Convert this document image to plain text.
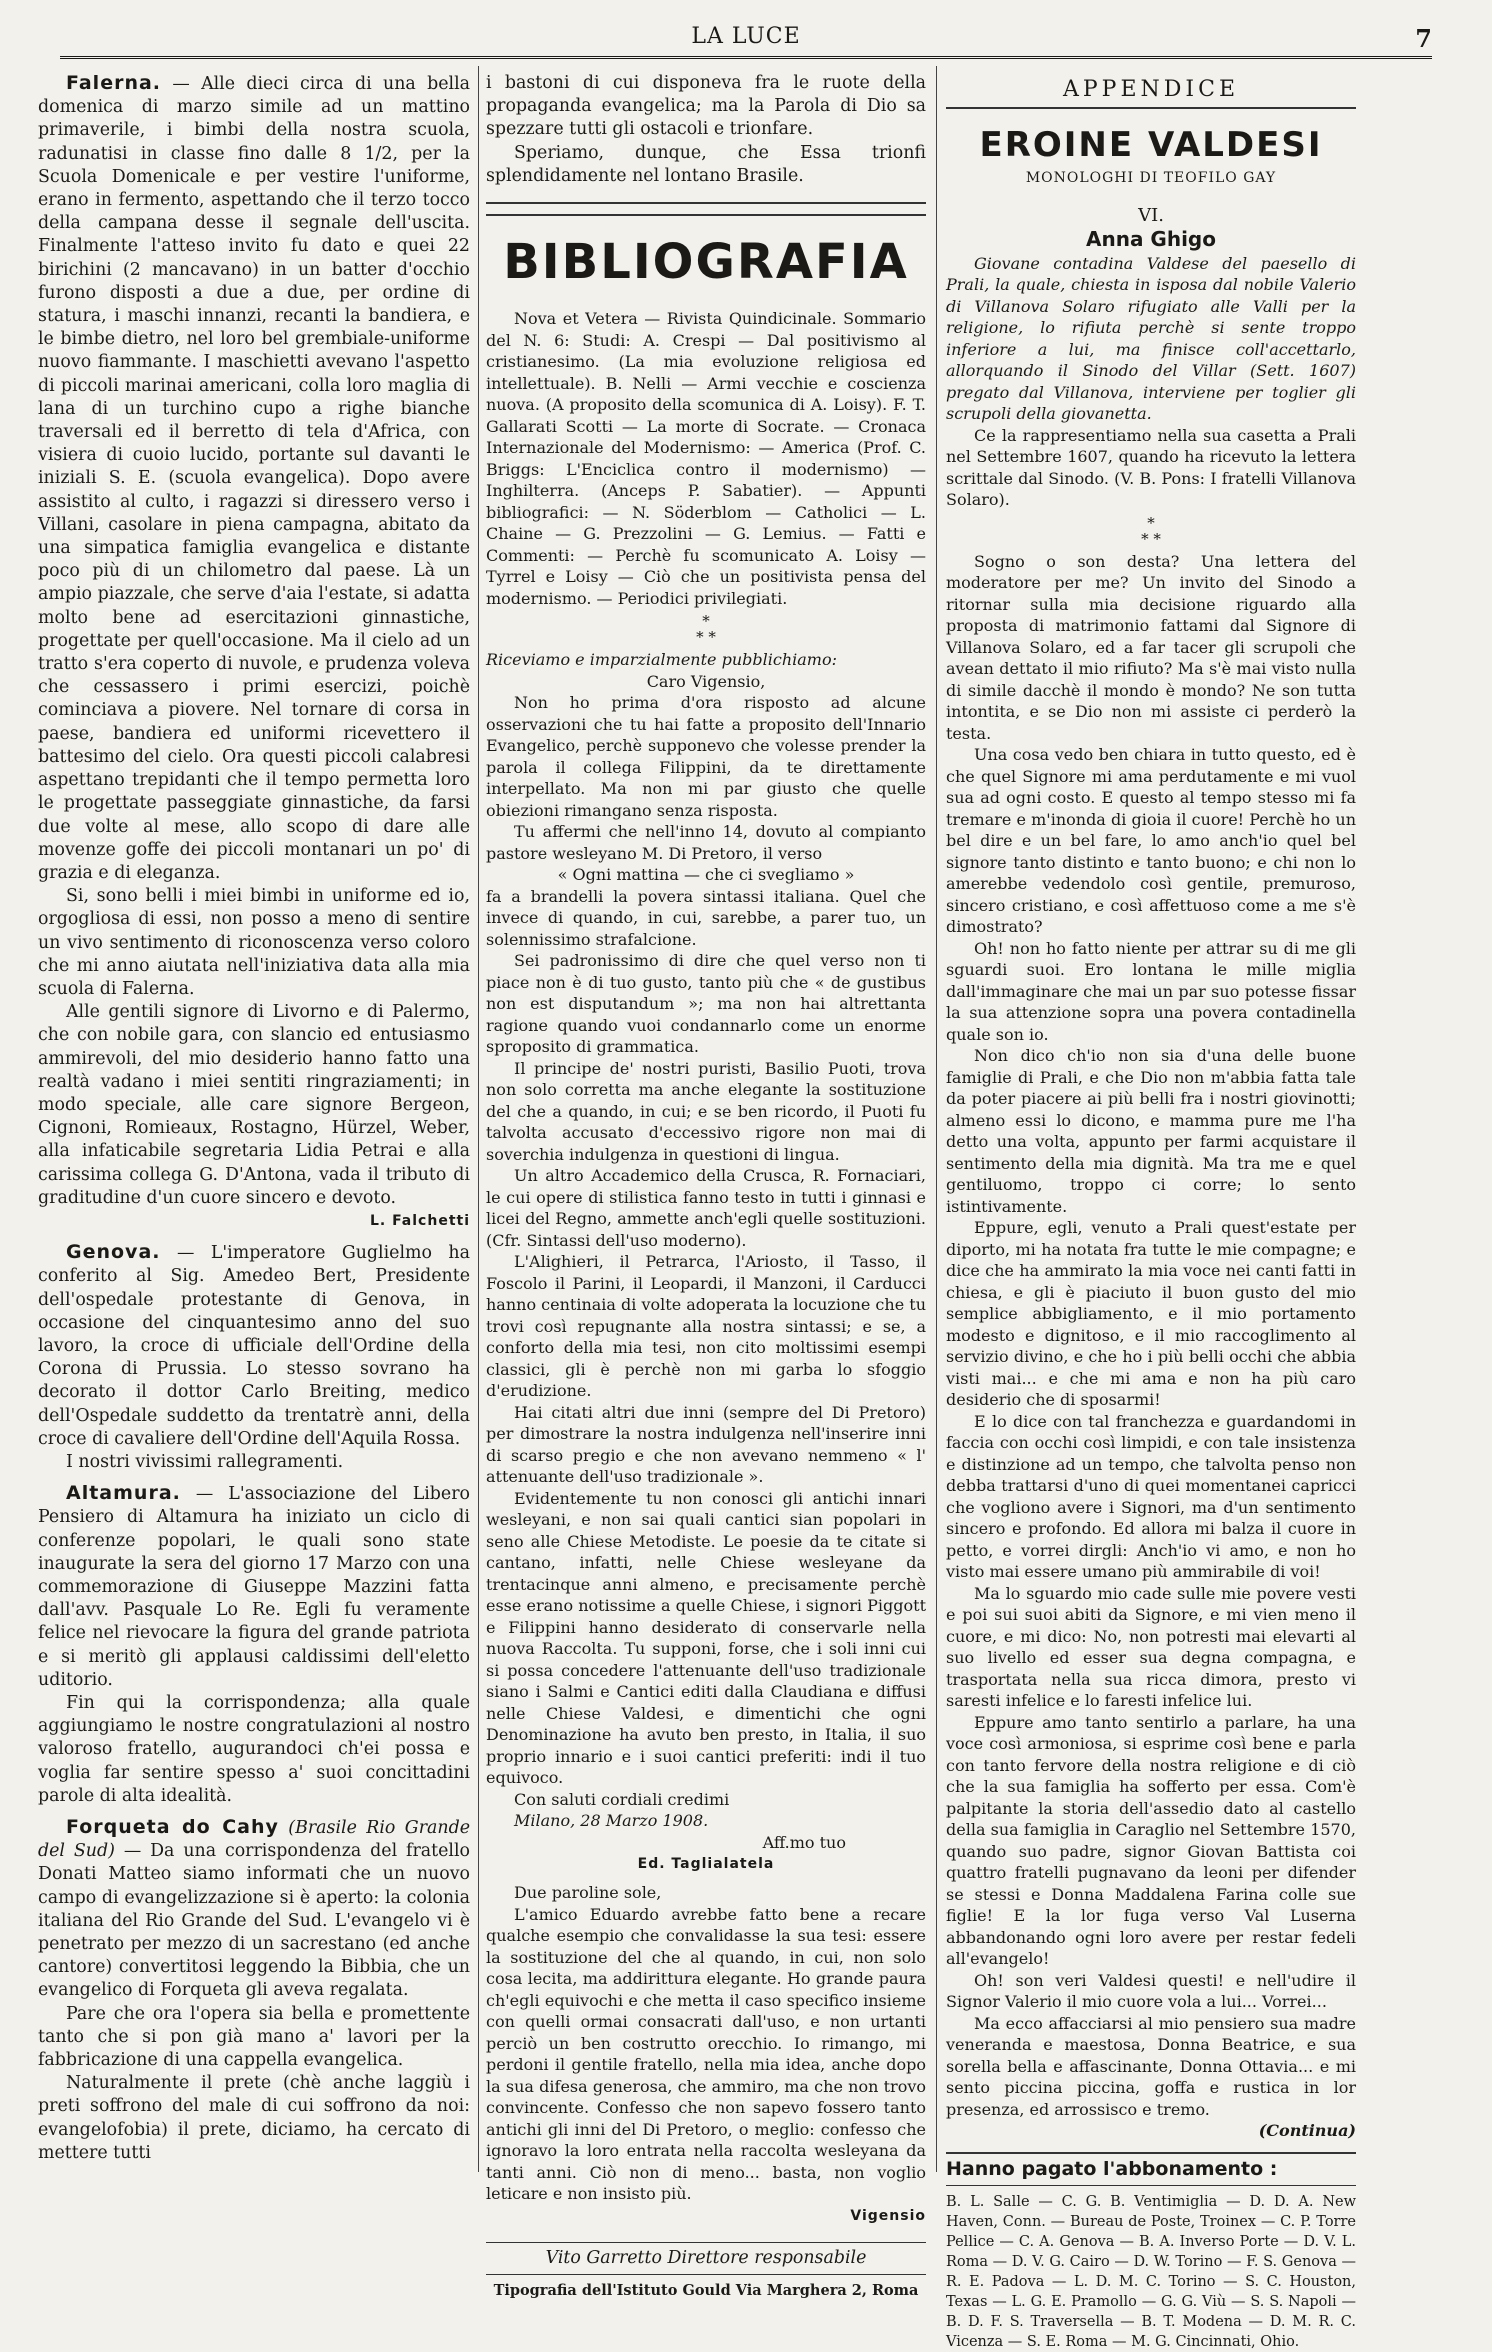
LA LUCE	7

Falerna. — Alle dieci circa di una bella domenica di marzo simile ad un mattino primaverile, i bimbi della nostra scuola, radunatisi in classe fino dalle 8 1/2, per la Scuola Domenicale e per vestire l'uniforme, erano in fermento, aspettando che il terzo tocco della campana desse il segnale dell'uscita. Finalmente l'atteso invito fu dato e quei 22 birichini (2 mancavano) in un batter d'occhio furono disposti a due a due, per ordine di statura, i maschi innanzi, recanti la bandiera, e le bimbe dietro, nel loro bel grembiale-uniforme nuovo fiammante. I maschietti avevano l'aspetto di piccoli marinai americani, colla loro maglia di lana di un turchino cupo a righe bianche traversali ed il berretto di tela d'Africa, con visiera di cuoio lucido, portante sul davanti le iniziali S. E. (scuola evangelica). Dopo avere assistito al culto, i ragazzi si diressero verso i Villani, casolare in piena campagna, abitato da una simpatica famiglia evangelica e distante poco più di un chilometro dal paese. Là un ampio piazzale, che serve d'aia l'estate, si adatta molto bene ad esercitazioni ginnastiche, progettate per quell'occasione. Ma il cielo ad un tratto s'era coperto di nuvole, e prudenza voleva che cessassero i primi esercizi, poichè cominciava a piovere. Nel tornare di corsa in paese, bandiera ed uniformi ricevettero il battesimo del cielo. Ora questi piccoli calabresi aspettano trepidanti che il tempo permetta loro le progettate passeggiate ginnastiche, da farsi due volte al mese, allo scopo di dare alle movenze goffe dei piccoli montanari un po' di grazia e di eleganza.

Si, sono belli i miei bimbi in uniforme ed io, orgogliosa di essi, non posso a meno di sentire un vivo sentimento di riconoscenza verso coloro che mi anno aiutata nell'iniziativa data alla mia scuola di Falerna.

Alle gentili signore di Livorno e di Palermo, che con nobile gara, con slancio ed entusiasmo ammirevoli, del mio desiderio hanno fatto una realtà vadano i miei sentiti ringraziamenti; in modo speciale, alle care signore Bergeon, Cignoni, Romieaux, Rostagno, Hürzel, Weber, alla infaticabile segretaria Lidia Petrai e alla carissima collega G. D'Antona, vada il tributo di graditudine d'un cuore sincero e devoto.

L. Falchetti

Genova. — L'imperatore Guglielmo ha conferito al Sig. Amedeo Bert, Presidente dell'ospedale protestante di Genova, in occasione del cinquantesimo anno del suo lavoro, la croce di ufficiale dell'Ordine della Corona di Prussia. Lo stesso sovrano ha decorato il dottor Carlo Breiting, medico dell'Ospedale suddetto da trentatrè anni, della croce di cavaliere dell'Ordine dell'Aquila Rossa.

I nostri vivissimi rallegramenti.

Altamura. — L'associazione del Libero Pensiero di Altamura ha iniziato un ciclo di conferenze popolari, le quali sono state inaugurate la sera del giorno 17 Marzo con una commemorazione di Giuseppe Mazzini fatta dall'avv. Pasquale Lo Re. Egli fu veramente felice nel rievocare la figura del grande patriota e si meritò gli applausi caldissimi dell'eletto uditorio.

Fin qui la corrispondenza; alla quale aggiungiamo le nostre congratulazioni al nostro valoroso fratello, augurandoci ch'ei possa e voglia far sentire spesso a' suoi concittadini parole di alta idealità.

Forqueta do Cahy (Brasile Rio Grande del Sud) — Da una corrispondenza del fratello Donati Matteo siamo informati che un nuovo campo di evangelizzazione si è aperto: la colonia italiana del Rio Grande del Sud. L'evangelo vi è penetrato per mezzo di un sacrestano (ed anche cantore) convertitosi leggendo la Bibbia, che un evangelico di Forqueta gli aveva regalata.

Pare che ora l'opera sia bella e promettente tanto che si pon già mano a' lavori per la fabbricazione di una cappella evangelica.

Naturalmente il prete (chè anche laggiù i preti soffrono del male di cui soffrono da noi: evangelofobia) il prete, diciamo, ha cercato di mettere tutti

i bastoni di cui disponeva fra le ruote della propaganda evangelica; ma la Parola di Dio sa spezzare tutti gli ostacoli e trionfare.

Speriamo, dunque, che Essa trionfi splendidamente nel lontano Brasile.

BIBLIOGRAFIA

Nova et Vetera — Rivista Quindicinale. Sommario del N. 6: Studi: A. Crespi — Dal positivismo al cristianesimo. (La mia evoluzione religiosa ed intellettuale). B. Nelli — Armi vecchie e coscienza nuova. (A proposito della scomunica di A. Loisy). F. T. Gallarati Scotti — La morte di Socrate. — Cronaca Internazionale del Modernismo: — America (Prof. C. Briggs: L'Enciclica contro il modernismo) — Inghilterra. (Anceps P. Sabatier). — Appunti bibliografici: — N. Söderblom — Catholici — L. Chaine — G. Prezzolini — G. Lemius. — Fatti e Commenti: — Perchè fu scomunicato A. Loisy — Tyrrel e Loisy — Ciò che un positivista pensa del modernismo. — Periodici privilegiati.

*
* *

Riceviamo e imparzialmente pubblichiamo:

Caro Vigensio,

Non ho prima d'ora risposto ad alcune osservazioni che tu hai fatte a proposito dell'Innario Evangelico, perchè supponevo che volesse prender la parola il collega Filippini, da te direttamente interpellato. Ma non mi par giusto che quelle obiezioni rimangano senza risposta.

Tu affermi che nell'inno 14, dovuto al compianto pastore wesleyano M. Di Pretoro, il verso

« Ogni mattina — che ci svegliamo »

fa a brandelli la povera sintassi italiana. Quel che invece di quando, in cui, sarebbe, a parer tuo, un solennissimo strafalcione.

Sei padronissimo di dire che quel verso non ti piace non è di tuo gusto, tanto più che « de gustibus non est disputandum »; ma non hai altrettanta ragione quando vuoi condannarlo come un enorme sproposito di grammatica.

Il principe de' nostri puristi, Basilio Puoti, trova non solo corretta ma anche elegante la sostituzione del che a quando, in cui; e se ben ricordo, il Puoti fu talvolta accusato d'eccessivo rigore non mai di soverchia indulgenza in questioni di lingua.

Un altro Accademico della Crusca, R. Fornaciari, le cui opere di stilistica fanno testo in tutti i ginnasi e licei del Regno, ammette anch'egli quelle sostituzioni. (Cfr. Sintassi dell'uso moderno).

L'Alighieri, il Petrarca, l'Ariosto, il Tasso, il Foscolo il Parini, il Leopardi, il Manzoni, il Carducci hanno centinaia di volte adoperata la locuzione che tu trovi così repugnante alla nostra sintassi; e se, a conforto della mia tesi, non cito moltissimi esempi classici, gli è perchè non mi garba lo sfoggio d'erudizione.

Hai citati altri due inni (sempre del Di Pretoro) per dimostrare la nostra indulgenza nell'inserire inni di scarso pregio e che non avevano nemmeno « l' attenuante dell'uso tradizionale ».

Evidentemente tu non conosci gli antichi innari wesleyani, e non sai quali cantici sian popolari in seno alle Chiese Metodiste. Le poesie da te citate si cantano, infatti, nelle Chiese wesleyane da trentacinque anni almeno, e precisamente perchè esse erano notissime a quelle Chiese, i signori Piggott e Filippini hanno desiderato di conservarle nella nuova Raccolta. Tu supponi, forse, che i soli inni cui si possa concedere l'attenuante dell'uso tradizionale siano i Salmi e Cantici editi dalla Claudiana e diffusi nelle Chiese Valdesi, e dimentichi che ogni Denominazione ha avuto ben presto, in Italia, il suo proprio innario e i suoi cantici preferiti: indi il tuo equivoco.

Con saluti cordiali credimi

Milano, 28 Marzo 1908.

Aff.mo tuo

Ed. Taglialatela

Due paroline sole,

L'amico Eduardo avrebbe fatto bene a recare qualche esempio che convalidasse la sua tesi: essere la sostituzione del che al quando, in cui, non solo cosa lecita, ma addirittura elegante. Ho grande paura ch'egli equivochi e che metta il caso specifico insieme con quelli ormai consacrati dall'uso, e non urtanti perciò un ben costrutto orecchio. Io rimango, mi perdoni il gentile fratello, nella mia idea, anche dopo la sua difesa generosa, che ammiro, ma che non trovo convincente. Confesso che non sapevo fossero tanto antichi gli inni del Di Pretoro, o meglio: confesso che ignoravo la loro entrata nella raccolta wesleyana da tanti anni. Ciò non di meno... basta, non voglio leticare e non insisto più.

Vigensio

Vito Garretto Direttore responsabile
Tipografia dell'Istituto Gould Via Marghera 2, Roma
APPENDICE
EROINE VALDESI
MONOLOGHI DI TEOFILO GAY
VI.
Anna Ghigo

Giovane contadina Valdese del paesello di Prali, la quale, chiesta in isposa dal nobile Valerio di Villanova Solaro rifugiato alle Valli per la religione, lo rifiuta perchè si sente troppo inferiore a lui, ma finisce coll'accettarlo, allorquando il Sinodo del Villar (Sett. 1607) pregato dal Villanova, interviene per toglier gli scrupoli della giovanetta.

Ce la rappresentiamo nella sua casetta a Prali nel Settembre 1607, quando ha ricevuto la lettera scrittale dal Sinodo. (V. B. Pons: I fratelli Villanova Solaro).

*
* *

Sogno o son desta? Una lettera del moderatore per me? Un invito del Sinodo a ritornar sulla mia decisione riguardo alla proposta di matrimonio fattami dal Signore di Villanova Solaro, ed a far tacer gli scrupoli che avean dettato il mio rifiuto? Ma s'è mai visto nulla di simile dacchè il mondo è mondo? Ne son tutta intontita, e se Dio non mi assiste ci perderò la testa.

Una cosa vedo ben chiara in tutto questo, ed è che quel Signore mi ama perdutamente e mi vuol sua ad ogni costo. E questo al tempo stesso mi fa tremare e m'inonda di gioia il cuore! Perchè ho un bel dire e un bel fare, lo amo anch'io quel bel signore tanto distinto e tanto buono; e chi non lo amerebbe vedendolo così gentile, premuroso, sincero cristiano, e così affettuoso come a me s'è dimostrato?

Oh! non ho fatto niente per attrar su di me gli sguardi suoi. Ero lontana le mille miglia dall'immaginare che mai un par suo potesse fissar la sua attenzione sopra una povera contadinella quale son io.

Non dico ch'io non sia d'una delle buone famiglie di Prali, e che Dio non m'abbia fatta tale da poter piacere ai più belli fra i nostri giovinotti; almeno essi lo dicono, e mamma pure me l'ha detto una volta, appunto per farmi acquistare il sentimento della mia dignità. Ma tra me e quel gentiluomo, troppo ci corre; lo sento istintivamente.

Eppure, egli, venuto a Prali quest'estate per diporto, mi ha notata fra tutte le mie compagne; e dice che ha ammirato la mia voce nei canti fatti in chiesa, e gli è piaciuto il buon gusto del mio semplice abbigliamento, e il mio portamento modesto e dignitoso, e il mio raccoglimento al servizio divino, e che ho i più belli occhi che abbia visti mai... e che mi ama e non ha più caro desiderio che di sposarmi!

E lo dice con tal franchezza e guardandomi in faccia con occhi così limpidi, e con tale insistenza e distinzione ad un tempo, che talvolta penso non debba trattarsi d'uno di quei momentanei capricci che vogliono avere i Signori, ma d'un sentimento sincero e profondo. Ed allora mi balza il cuore in petto, e vorrei dirgli: Anch'io vi amo, e non ho visto mai essere umano più ammirabile di voi!

Ma lo sguardo mio cade sulle mie povere vesti e poi sui suoi abiti da Signore, e mi vien meno il cuore, e mi dico: No, non potresti mai elevarti al suo livello ed esser sua degna compagna, e trasportata nella sua ricca dimora, presto vi saresti infelice e lo faresti infelice lui.

Eppure amo tanto sentirlo a parlare, ha una voce così armoniosa, si esprime così bene e parla con tanto fervore della nostra religione e di ciò che la sua famiglia ha sofferto per essa. Com'è palpitante la storia dell'assedio dato al castello della sua famiglia in Caraglio nel Settembre 1570, quando suo padre, signor Giovan Battista coi quattro fratelli pugnavano da leoni per difender se stessi e Donna Maddalena Farina colle sue figlie! E la lor fuga verso Val Luserna abbandonando ogni loro avere per restar fedeli all'evangelo!

Oh! son veri Valdesi questi! e nell'udire il Signor Valerio il mio cuore vola a lui... Vorrei...

Ma ecco affacciarsi al mio pensiero sua madre veneranda e maestosa, Donna Beatrice, e sua sorella bella e affascinante, Donna Ottavia... e mi sento piccina piccina, goffa e rustica in lor presenza, ed arrossisco e tremo.

(Continua)

Hanno pagato l'abbonamento :

B. L. Salle — C. G. B. Ventimiglia — D. D. A. New Haven, Conn. — Bureau de Poste, Troinex — C. P. Torre Pellice — C. A. Genova — B. A. Inverso Porte — D. V. L. Roma — D. V. G. Cairo — D. W. Torino — F. S. Genova — R. E. Padova — L. D. M. C. Torino — S. C. Houston, Texas — L. G. E. Pramollo — G. G. Viù — S. S. Napoli — B. D. F. S. Traversella — B. T. Modena — D. M. R. C. Vicenza — S. E. Roma — M. G. Cincinnati, Ohio.
